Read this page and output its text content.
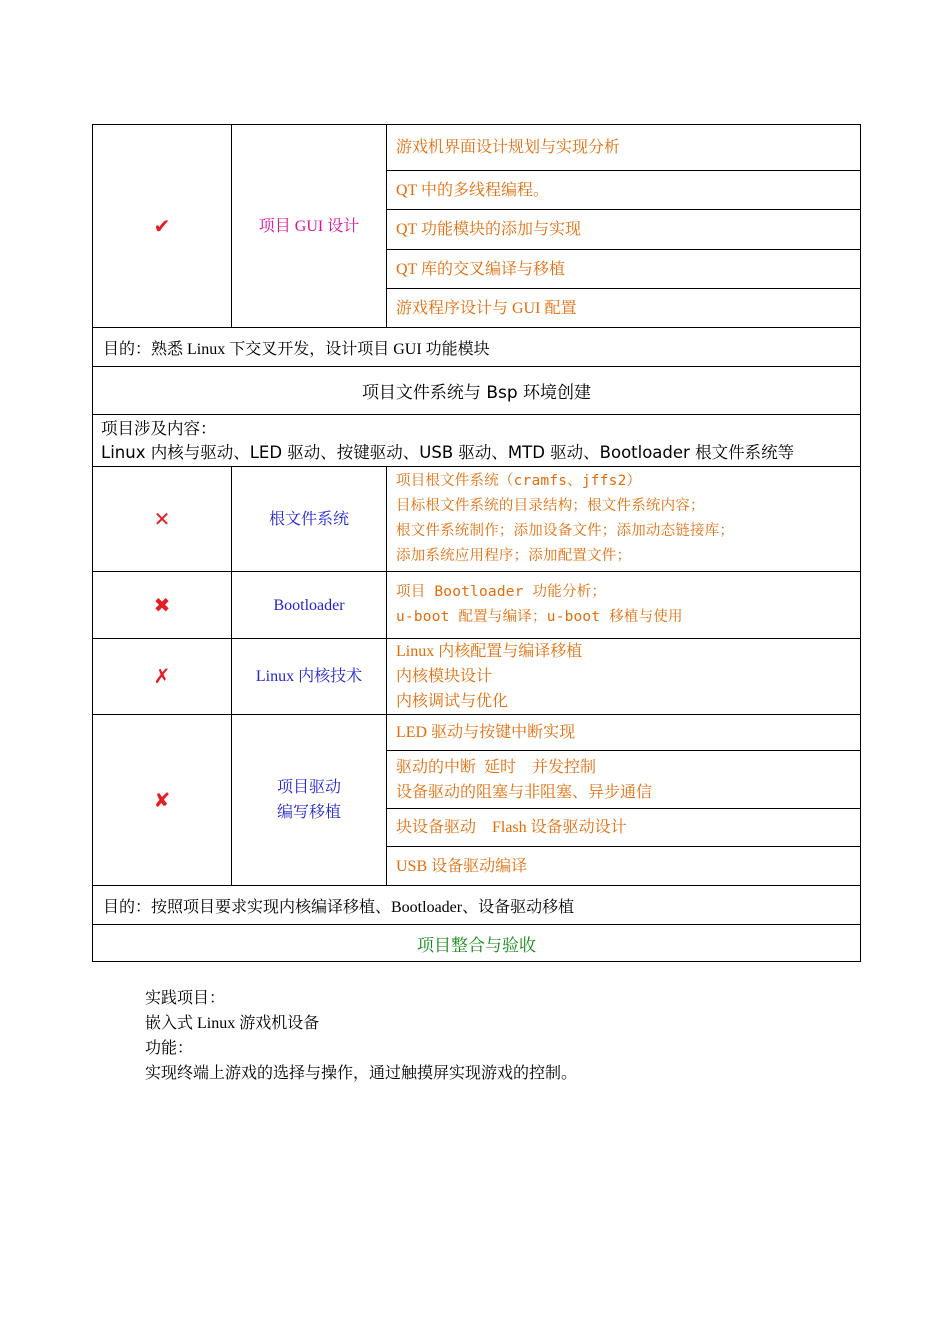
✔	项目 GUI 设计	游戏机界面设计规划与实现分析
		QT 中的多线程编程。
		QT 功能模块的添加与实现
		QT 库的交叉编译与移植
		游戏程序设计与 GUI 配置
目的：熟悉 Linux 下交叉开发，设计项目 GUI 功能模块		
项目文件系统与 Bsp 环境创建		

项目涉及内容：
Linux 内核与驱动、LED 驱动、按键驱动、USB 驱动、MTD 驱动、Bootloader 根文件系统等		

✕	根文件系统	项目根文件系统（cramfs、jffs2）
目标根文件系统的目录结构；根文件系统内容；
根文件系统制作；添加设备文件；添加动态链接库；
添加系统应用程序；添加配置文件；

✖	Bootloader	项目 Bootloader 功能分析；
u-boot 配置与编译；u-boot 移植与使用

✗	Linux 内核技术	Linux 内核配置与编译移植
内核模块设计
内核调试与优化

✘	项目驱动
编写移植	LED 驱动与按键中断实现

		驱动的中断  延时    并发控制
设备驱动的阻塞与非阻塞、异步通信

		块设备驱动    Flash 设备驱动设计
		USB 设备驱动编译
目的：按照项目要求实现内核编译移植、Bootloader、设备驱动移植		
项目整合与验收		
实践项目：
嵌入式 Linux 游戏机设备
功能：
实现终端上游戏的选择与操作，通过触摸屏实现游戏的控制。
